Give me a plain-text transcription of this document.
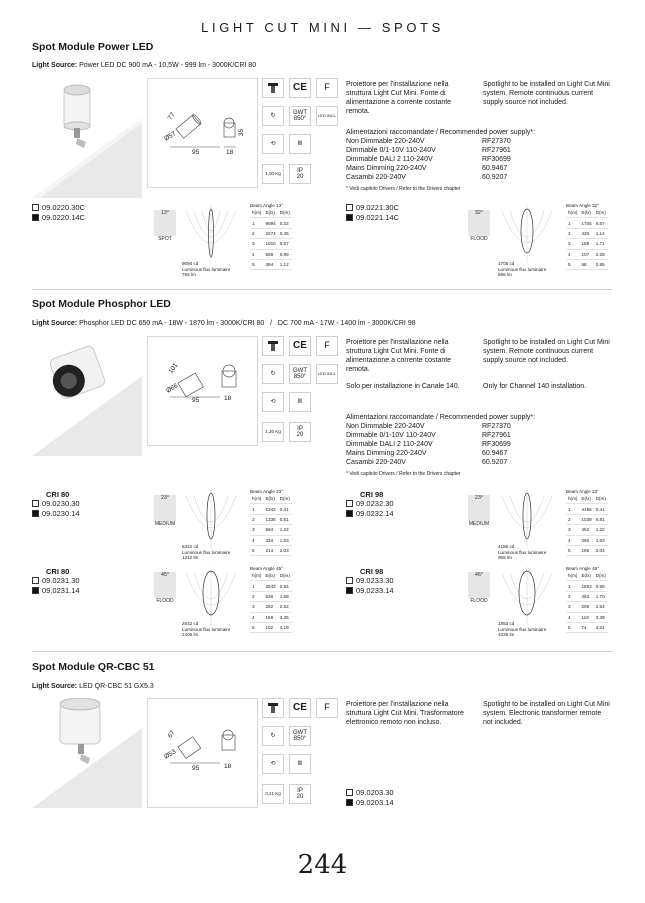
LIGHT CUT MINI — SPOTS
Spot Module Power LED
Light Source: Power LED DC 900 mA - 10,5W - 999 lm - 3000K/CRI 80
77
Ø57
95	18
35
CE	F
↻
GWT
850°
LED INCL
⟲	Ⅲ
1,00 Kg	IP
20
Proiettore per l'installazione nella struttura Light Cut Mini. Fonte di alimentazione a corrente costante remota.
Spotlight to be installed on Light Cut Mini system. Remote continuous current supply source not included.
Alimentazioni raccomandate / Recommended power supply*:
Non Dimmable 220-240V	RF27370
Dimmable 0/1-10V 110-240V	RF27961
Dimmable DALI 2 110-240V	RF30699
Mains Dimming 220-240V	60.9467
Casambi 220-240V	60.9207
* Vedi capitolo Drivers / Refer to the Drivers chapter
09.0220.30C
09.0220.14C	13°
SPOT
9094 cd
Luminous flux luminaire
755 lm
Beam Angle 13°
h(m)	E(lx)	D(m)
1	9094	0.22
2	2274	0.45
3	1010	0.67
4	568	0.89
5	364	1.12
09.0221.30C
09.0221.14C	32°
FLOOD
1705 cd
Luminous flux luminaire
666 lm
Beam Angle 32°
h(m)	E(lx)	D(m)
1	1705	0.57
2	426	1.14
3	189	1.71
4	107	2.28
5	68	2.85
Spot Module Phosphor LED
Light Source: Phosphor LED DC 650 mA - 18W - 1870 lm - 3000K/CRI 80   /   DC 700 mA - 17W - 1400 lm - 3000K/CRI 98
101
Ø66
95	18
CE	F
↻
GWT
850°
LED INCL
⟲	Ⅲ
1,20 Kg	IP
20
Proiettore per l'installazione nella struttura Light Cut Mini. Fonte di alimentazione a corrente costante remota.
Spotlight to be installed on Light Cut Mini system. Remote continuous current supply source not included.
Solo per installazione in Canale 140.	Only for Channel 140 installation.
Alimentazioni raccomandate / Recommended power supply*:
Non Dimmable 220-240V	RF27370
Dimmable 0/1-10V 110-240V	RF27961
Dimmable DALI 2 110-240V	RF30699
Mains Dimming 220-240V	60.9467
Casambi 220-240V	60.9207
* Vedi capitolo Drivers / Refer to the Drivers chapter
CRI 80
09.0230.30
09.0230.14
23°
MEDIUM
5342 cd
Luminous flux luminaire
1242 lm
Beam Angle 23°
h(m)	E(lx)	D(m)
1	5342	0.41
2	1336	0.81
3	594	1.22
4	334	1.63
5	214	2.03
CRI 98
09.0232.30
09.0232.14
23°
MEDIUM
4156 cd
Luminous flux luminaire
965 lm
Beam Angle 23°
h(m)	E(lx)	D(m)
1	4156	0.41
2	1039	0.81
3	462	1.22
4	260	1.63
5	166	2.04
CRI 80
09.0231.30
09.0231.14
45°
FLOOD
2542 cd
Luminous flux luminaire
1406 lm
Beam Angle 45°
h(m)	E(lx)	D(m)
1	2542	0.84
2	636	1.68
3	282	2.52
4	159	3.35
5	102	4.19
CRI 98
09.0233.30
09.0233.14
46°
FLOOD
1853 cd
Luminous flux luminaire
1035 lm
Beam Angle 46°
h(m)	E(lx)	D(m)
1	1853	0.85
2	463	1.70
3	206	2.54
4	116	3.39
5	74	4.24
Spot Module QR-CBC 51
Light Source: LED QR-CBC 51 GX5.3
67
Ø53
95	18
CE	F
↻
GWT
850°
⟲	Ⅲ
0,21 Kg	IP
20
Proiettore per l'installazione nella struttura Light Cut Mini. Trasformatore elettronico remoto non incluso.
Spotlight to be installed on Light Cut Mini system. Electronic transformer remote not included.
09.0203.30
09.0203.14
244
